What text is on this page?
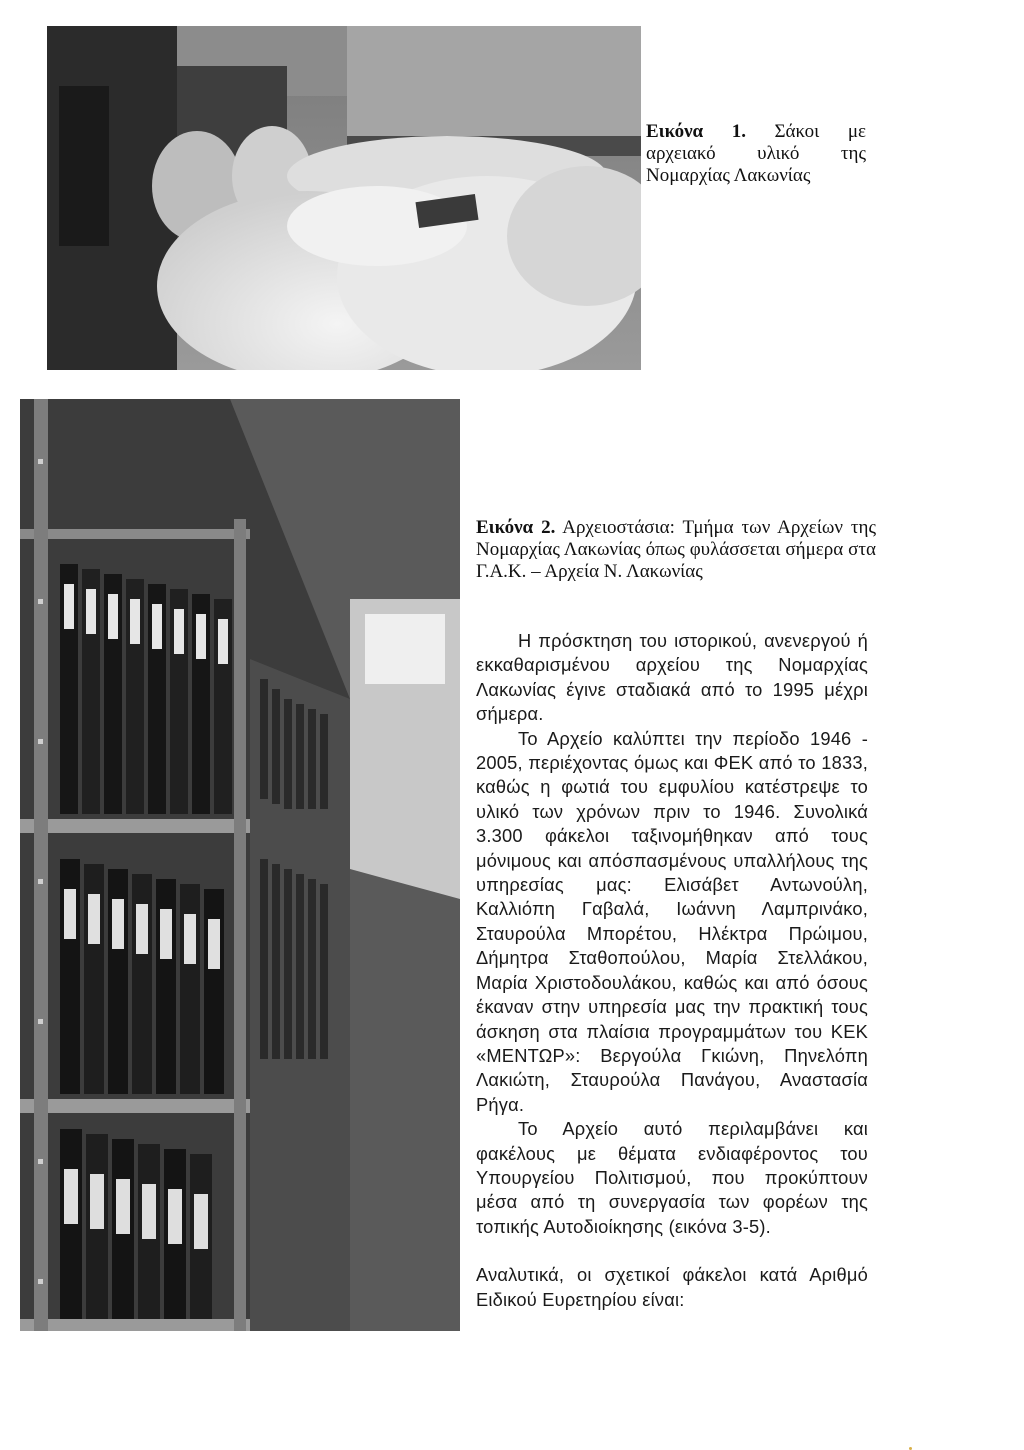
Εικόνα 1. Σάκοι με αρχειακό υλικό της Νομαρχίας Λακωνίας
Εικόνα 2. Αρχειοστάσια: Τμήμα των Αρχείων της Νομαρχίας Λακωνίας όπως φυλάσσεται σήμερα στα Γ.Α.Κ. – Αρχεία Ν. Λακωνίας

Η πρόσκτηση του ιστορικού, ανενεργού ή εκκαθαρισμένου αρχείου της Νομαρχίας Λακωνίας έγινε σταδιακά από το 1995 μέχρι σήμερα.

Το Αρχείο καλύπτει την περίοδο 1946 - 2005, περιέχοντας όμως και ΦΕΚ από το 1833, καθώς η φωτιά του εμφυλίου κατέστρεψε το υλικό των χρόνων πριν το 1946. Συνολικά 3.300 φάκελοι ταξινομήθηκαν από τους μόνιμους και απόσπασμένους υπαλλήλους της υπηρεσίας μας: Ελισάβετ Αντωνούλη, Καλλιόπη Γαβαλά, Ιωάννη Λαμπρινάκο, Σταυρούλα Μπορέτου, Ηλέκτρα Πρώιμου, Δήμητρα Σταθοπούλου, Μαρία Στελλάκου, Μαρία Χριστοδουλάκου, καθώς και από όσους έκαναν στην υπηρεσία μας την πρακτική τους άσκηση στα πλαίσια προγραμμάτων του ΚΕΚ «ΜΕΝΤΩΡ»: Βεργούλα Γκιώνη, Πηνελόπη Λακιώτη, Σταυρούλα Πανάγου, Αναστασία Ρήγα.

Το Αρχείο αυτό περιλαμβάνει και φακέλους με θέματα ενδιαφέροντος του Υπουργείου Πολιτισμού, που προκύπτουν μέσα από τη συνεργασία των φορέων της τοπικής Αυτοδιοίκησης (εικόνα 3-5).

Αναλυτικά, οι σχετικοί φάκελοι κατά Αριθμό Ειδικού Ευρετηρίου είναι:
